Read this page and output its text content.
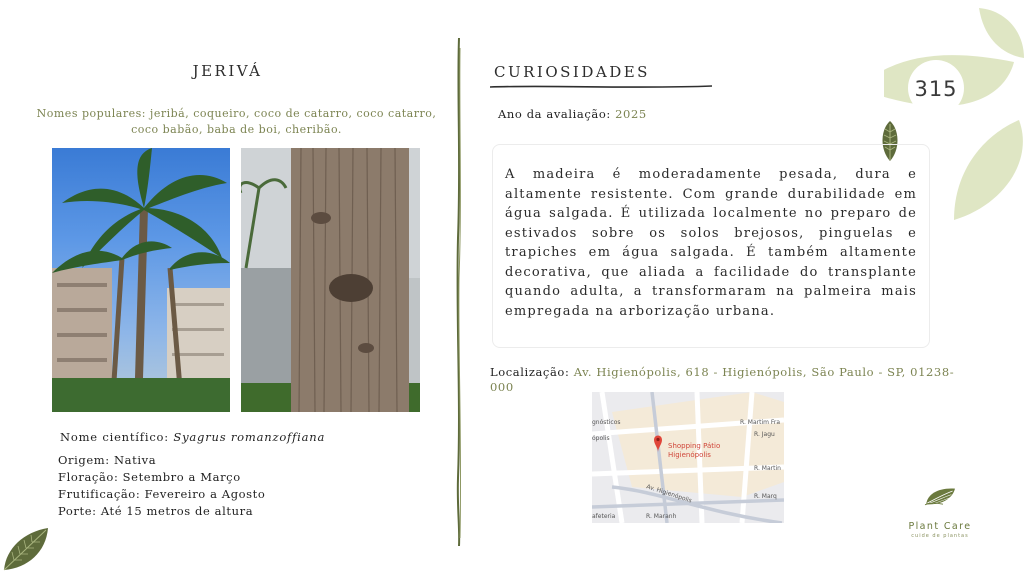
315
JERIVÁ
Nomes populares: jeribá, coqueiro, coco de catarro, coco catarro, coco babão, baba de boi, cheribão.
Nome científico: Syagrus romanzoffiana
Origem: Nativa
Floração: Setembro a Março
Frutificação: Fevereiro a Agosto
Porte: Até 15 metros de altura
CURIOSIDADES
Ano da avaliação: 2025

A madeira é moderadamente pesada, dura e altamente resistente. Com grande durabilidade em água salgada. É utilizada localmente no preparo de estivados sobre os solos brejosos, pinguelas e trapiches em água salgada. É também altamente decorativa, que aliada a facilidade do transplante quando adulta, a transformaram na palmeira mais empregada na arborização urbana.

Localização: Av. Higienópolis, 618 - Higienópolis, São Paulo - SP, 01238-000
gnósticos
ópolis
R. Martim Fra
R. Jagu
R. Martin
Av. Higienópolis	R. Marq
afeteria	R. Maranh
Shopping Pátio
Higienópolis
Plant Care
cuide de plantas
